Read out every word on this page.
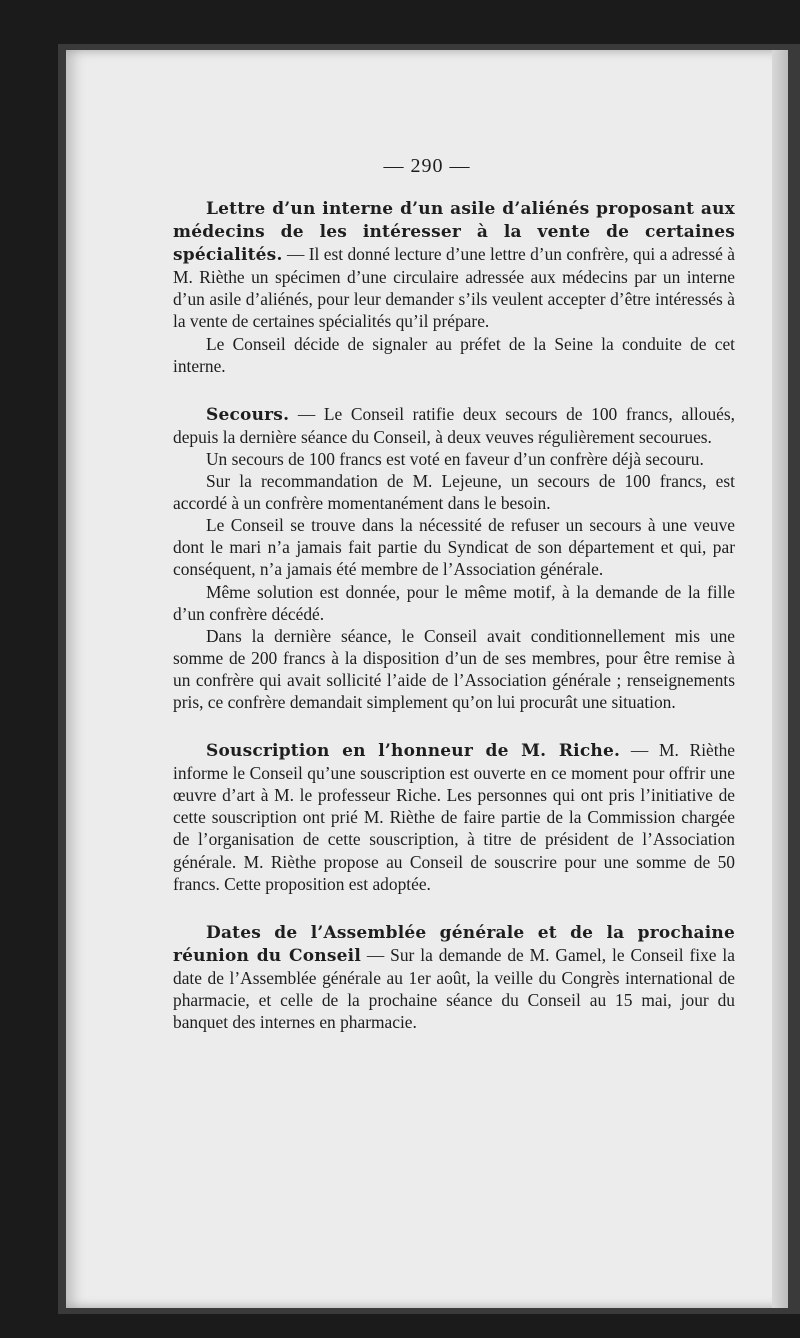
— 290 —

Lettre d’un interne d’un asile d’aliénés proposant aux médecins de les intéresser à la vente de certaines spécialités. — Il est donné lecture d’une lettre d’un confrère, qui a adressé à M. Rièthe un spécimen d’une circulaire adressée aux médecins par un interne d’un asile d’aliénés, pour leur demander s’ils veulent accepter d’être intéressés à la vente de certaines spécialités qu’il prépare.

Le Conseil décide de signaler au préfet de la Seine la conduite de cet interne.

Secours. — Le Conseil ratifie deux secours de 100 francs, alloués, depuis la dernière séance du Conseil, à deux veuves régulièrement secourues.

Un secours de 100 francs est voté en faveur d’un confrère déjà secouru.

Sur la recommandation de M. Lejeune, un secours de 100 francs, est accordé à un confrère momentanément dans le besoin.

Le Conseil se trouve dans la nécessité de refuser un secours à une veuve dont le mari n’a jamais fait partie du Syndicat de son département et qui, par conséquent, n’a jamais été membre de l’Association générale.

Même solution est donnée, pour le même motif, à la demande de la fille d’un confrère décédé.

Dans la dernière séance, le Conseil avait conditionnellement mis une somme de 200 francs à la disposition d’un de ses membres, pour être remise à un confrère qui avait sollicité l’aide de l’Association générale ; renseignements pris, ce confrère demandait simplement qu’on lui procurât une situation.

Souscription en l’honneur de M. Riche. — M. Rièthe informe le Conseil qu’une souscription est ouverte en ce moment pour offrir une œuvre d’art à M. le professeur Riche. Les personnes qui ont pris l’initiative de cette souscription ont prié M. Rièthe de faire partie de la Commission chargée de l’organisation de cette souscription, à titre de président de l’Association générale. M. Rièthe propose au Conseil de souscrire pour une somme de 50 francs. Cette proposition est adoptée.

Dates de l’Assemblée générale et de la prochaine réunion du Conseil — Sur la demande de M. Gamel, le Conseil fixe la date de l’Assemblée générale au 1er août, la veille du Congrès international de pharmacie, et celle de la prochaine séance du Conseil au 15 mai, jour du banquet des internes en pharmacie.
